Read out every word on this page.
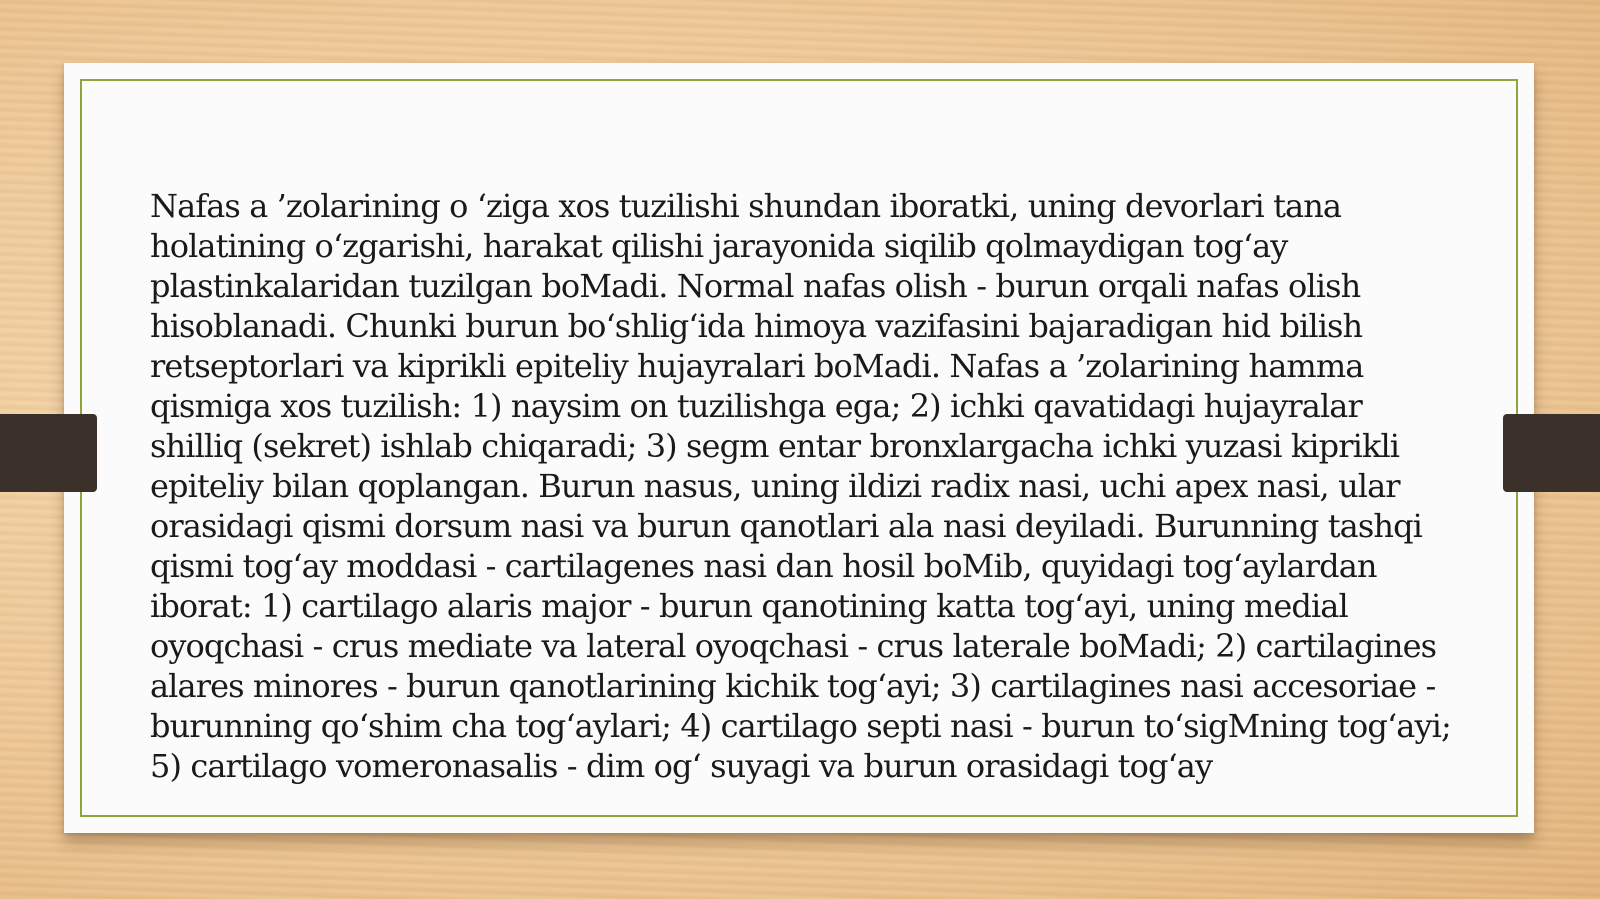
Nafas a ’zolarining o ‘ziga xos tuzilishi shundan iboratki, uning devorlari tana
holatining o‘zgarishi, harakat qilishi jarayonida siqilib qolmaydigan tog‘ay
plastinkalaridan tuzilgan boMadi. Normal nafas olish - burun orqali nafas olish
hisoblanadi. Chunki burun bo‘shlig‘ida himoya vazifasini bajaradigan hid bilish
retseptorlari va kiprikli epiteliy hujayralari boMadi. Nafas a ’zolarining hamma
qismiga xos tuzilish: 1) naysim on tuzilishga ega; 2) ichki qavatidagi hujayralar
shilliq (sekret) ishlab chiqaradi; 3) segm entar bronxlargacha ichki yuzasi kiprikli
epiteliy bilan qoplangan. Burun nasus, uning ildizi radix nasi, uchi apex nasi, ular
orasidagi qismi dorsum nasi va burun qanotlari ala nasi deyiladi. Burunning tashqi
qismi tog‘ay moddasi - cartilagenes nasi dan hosil boMib, quyidagi tog‘aylardan
iborat: 1) cartilago alaris major - burun qanotining katta tog‘ayi, uning medial
oyoqchasi - crus mediate va lateral oyoqchasi - crus laterale boMadi; 2) cartilagines
alares minores - burun qanotlarining kichik tog‘ayi; 3) cartilagines nasi accesoriae -
burunning qo‘shim cha tog‘aylari; 4) cartilago septi nasi - burun to‘sigMning tog‘ayi;
5) cartilago vomeronasalis - dim og‘ suyagi va burun orasidagi tog‘ay
